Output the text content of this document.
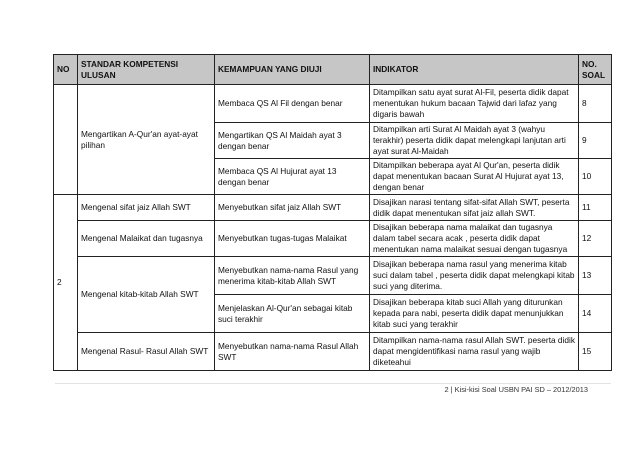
NO	STANDAR KOMPETENSI ULUSAN	KEMAMPUAN YANG DIUJI	INDIKATOR	NO. SOAL
	Mengartikan A-Qur'an ayat-ayat pilihan	Membaca QS Al Fil dengan benar	Ditampilkan satu ayat surat Al-Fil, peserta didik dapat menentukan hukum bacaan Tajwid dari lafaz yang digaris bawah	8
		Mengartikan QS Al Maidah ayat 3 dengan benar	Ditampilkan arti Surat Al Maidah ayat 3 (wahyu terakhir) peserta didik dapat melengkapi lanjutan arti ayat surat Al-Maidah	9
		Membaca QS Al Hujurat ayat 13 dengan benar	Ditampilkan beberapa ayat Al Qur'an, peserta didik dapat menentukan bacaan Surat Al Hujurat ayat 13, dengan benar	10
2	Mengenal sifat jaiz Allah SWT	Menyebutkan sifat jaiz Allah SWT	Disajikan narasi tentang sifat-sifat Allah SWT, peserta didik dapat menentukan sifat jaiz allah SWT.	11
	Mengenal Malaikat dan tugasnya	Menyebutkan tugas-tugas Malaikat	Disajikan beberapa nama malaikat dan tugasnya dalam tabel secara acak , peserta didik dapat menentukan nama malaikat sesuai dengan tugasnya	12
	Mengenal kitab-kitab Allah SWT	Menyebutkan nama-nama Rasul yang menerima kitab-kitab Allah SWT	Disajikan beberapa nama rasul yang menerima kitab suci dalam tabel , peserta didik dapat melengkapi kitab suci yang diterima.	13
		Menjelaskan Al-Qur'an sebagai kitab suci terakhir	Disajikan beberapa kitab suci Allah yang diturunkan kepada para nabi, peserta didik dapat menunjukkan kitab suci yang terakhir	14
	Mengenal Rasul- Rasul Allah SWT	Menyebutkan nama-nama Rasul Allah SWT	Ditampilkan nama-nama rasul Allah SWT. peserta didik dapat mengidentifikasi nama rasul yang wajib diketeahui	15
2 | Kisi-kisi Soal USBN PAI SD – 2012/2013
